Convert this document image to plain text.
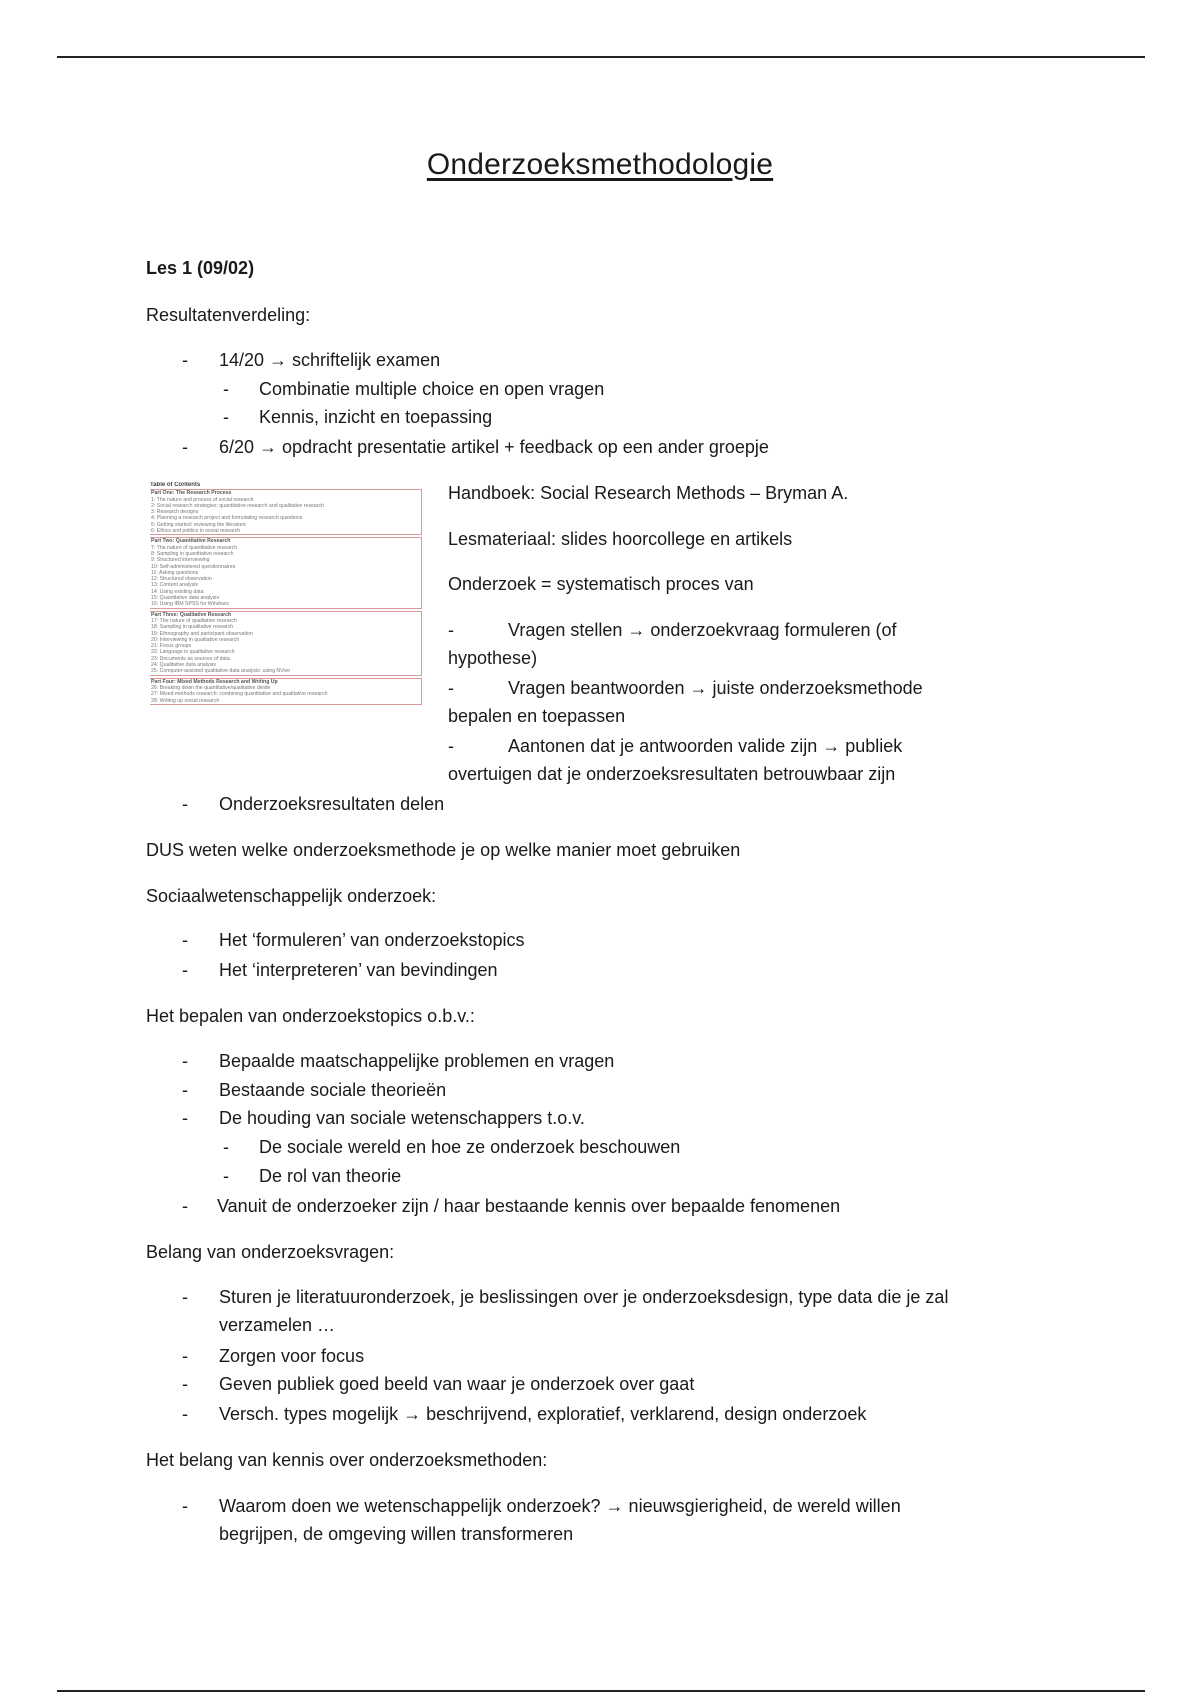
Onderzoeksmethodologie
Les 1 (09/02)
Resultatenverdeling:
- 14/20 → schriftelijk examen
- Combinatie multiple choice en open vragen
- Kennis, inzicht en toepassing
- 6/20 → opdracht presentatie artikel + feedback op een ander groepje
Table of Contents
Part One: The Research Process
1: The nature and process of social research
2: Social research strategies: quantitative research and qualitative research
3: Research designs
4: Planning a research project and formulating research questions
5: Getting started: reviewing the literature
6: Ethics and politics in social research
Part Two: Quantitative Research
7: The nature of quantitative research
8: Sampling in quantitative research
9: Structured interviewing
10: Self-administered questionnaires
11: Asking questions
12: Structured observation
13: Content analysis
14: Using existing data
15: Quantitative data analysis
16: Using IBM SPSS for Windows
Part Three: Qualitative Research
17: The nature of qualitative research
18: Sampling in qualitative research
19: Ethnography and participant observation
20: Interviewing in qualitative research
21: Focus groups
22: Language in qualitative research
23: Documents as sources of data
24: Qualitative data analysis
25: Computer-assisted qualitative data analysis: using NVivo
Part Four: Mixed Methods Research and Writing Up
26: Breaking down the quantitative/qualitative divide
27: Mixed methods research: combining quantitative and qualitative research
28: Writing up social research
Handboek: Social Research Methods – Bryman A.
Lesmateriaal: slides hoorcollege en artikels
Onderzoek = systematisch proces van
-	Vragen stellen → onderzoekvraag formuleren (of
hypothese)
-	Vragen beantwoorden → juiste onderzoeksmethode
bepalen en toepassen
-	Aantonen dat je antwoorden valide zijn → publiek
overtuigen dat je onderzoeksresultaten betrouwbaar zijn
- Onderzoeksresultaten delen
DUS weten welke onderzoeksmethode je op welke manier moet gebruiken
Sociaalwetenschappelijk onderzoek:
- Het ‘formuleren’ van onderzoekstopics
- Het ‘interpreteren’ van bevindingen
Het bepalen van onderzoekstopics o.b.v.:
- Bepaalde maatschappelijke problemen en vragen
- Bestaande sociale theorieën
- De houding van sociale wetenschappers t.o.v.
- De sociale wereld en hoe ze onderzoek beschouwen
- De rol van theorie
- Vanuit de onderzoeker zijn / haar bestaande kennis over bepaalde fenomenen
Belang van onderzoeksvragen:
- Sturen je literatuuronderzoek, je beslissingen over je onderzoeksdesign, type data die je zal
verzamelen …
- Zorgen voor focus
- Geven publiek goed beeld van waar je onderzoek over gaat
- Versch. types mogelijk → beschrijvend, exploratief, verklarend, design onderzoek
Het belang van kennis over onderzoeksmethoden:
- Waarom doen we wetenschappelijk onderzoek? → nieuwsgierigheid, de wereld willen
begrijpen, de omgeving willen transformeren
